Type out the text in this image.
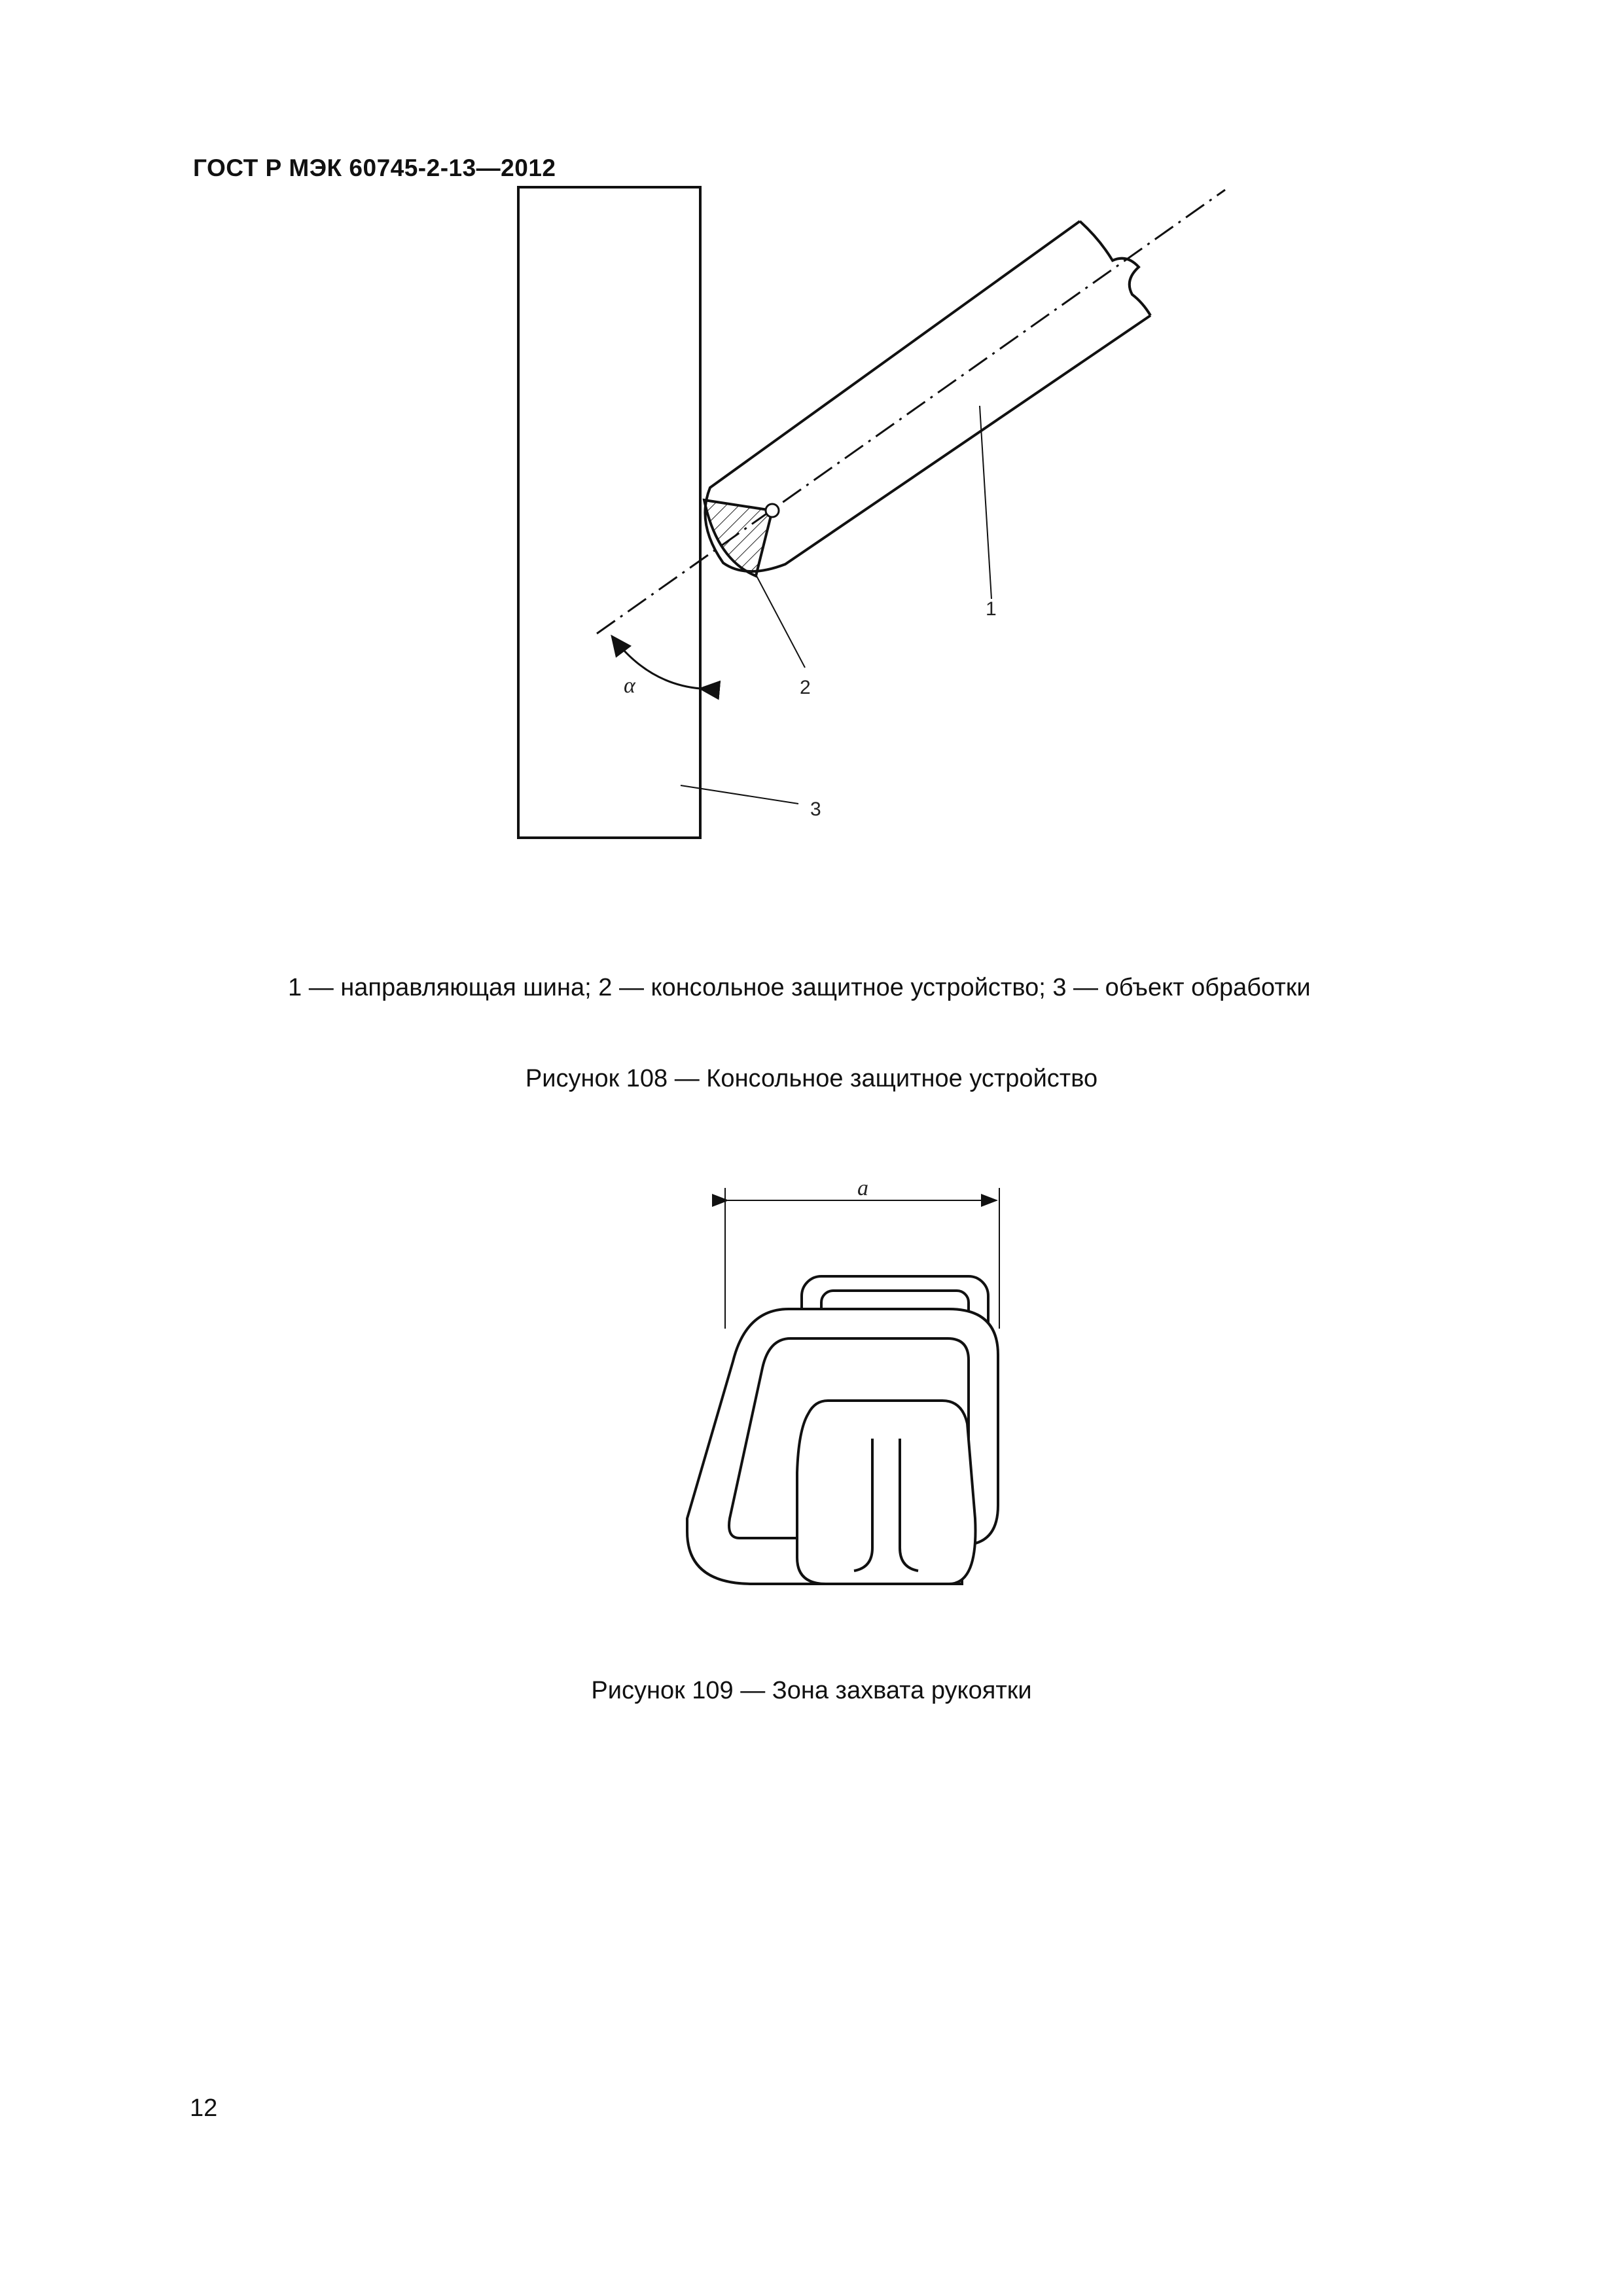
ГОСТ Р МЭК 60745-2-13—2012
α
1
2
3
1 — направляющая шина; 2 — консольное защитное устройство; 3 — объект обработки
Рисунок 108 — Консольное защитное устройство
a
Рисунок 109 — Зона захвата рукоятки
12
